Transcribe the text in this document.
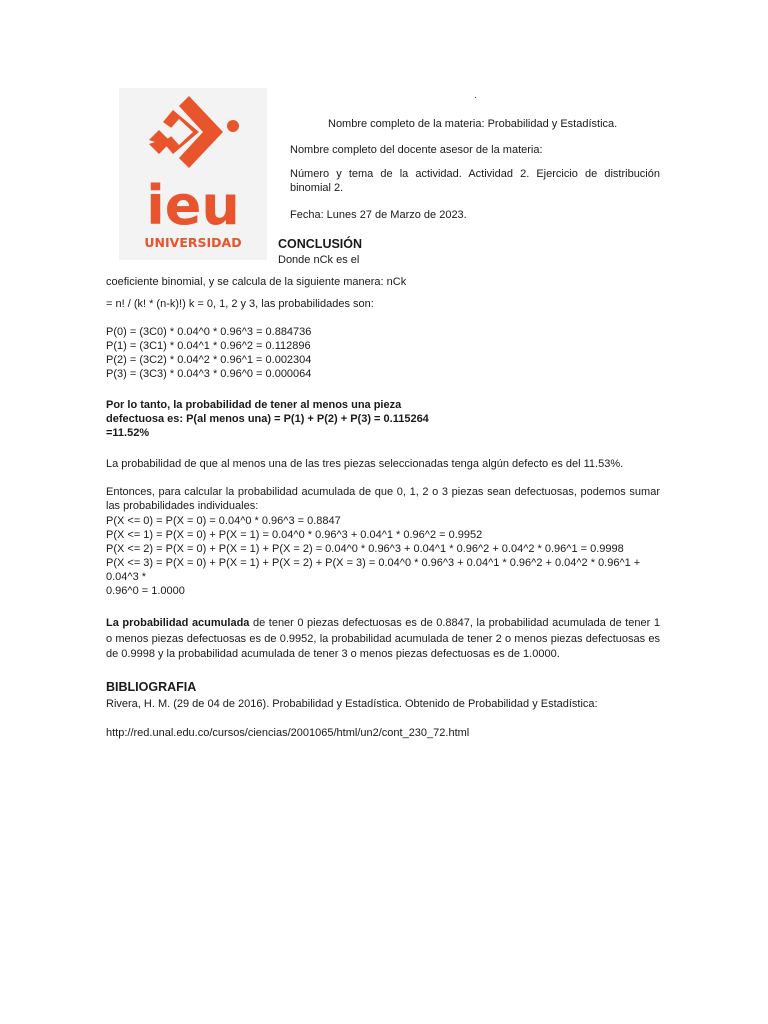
ieu
UNIVERSIDAD
·
Nombre completo de la materia: Probabilidad y Estadística.
Nombre completo del docente asesor de la materia:
Número y tema de la actividad. Actividad 2. Ejercicio de distribución binomial 2.
Fecha: Lunes 27 de Marzo de 2023.
CONCLUSIÓN
Donde nCk es el
coeficiente binomial, y se calcula de la siguiente manera: nCk
= n! / (k! * (n-k)!) k = 0, 1, 2 y 3, las probabilidades son:
P(0) = (3C0) * 0.04^0 * 0.96^3 = 0.884736
P(1) = (3C1) * 0.04^1 * 0.96^2 = 0.112896
P(2) = (3C2) * 0.04^2 * 0.96^1 = 0.002304
P(3) = (3C3) * 0.04^3 * 0.96^0 = 0.000064
Por lo tanto, la probabilidad de tener al menos una pieza
defectuosa es: P(al menos una) = P(1) + P(2) + P(3) = 0.115264
=11.52%
La probabilidad de que al menos una de las tres piezas seleccionadas tenga algún defecto es del 11.53%.
Entonces, para calcular la probabilidad acumulada de que 0, 1, 2 o 3 piezas sean defectuosas, podemos sumar las probabilidades individuales:
P(X <= 0) = P(X = 0) = 0.04^0 * 0.96^3 = 0.8847
P(X <= 1) = P(X = 0) + P(X = 1) = 0.04^0 * 0.96^3 + 0.04^1 * 0.96^2 = 0.9952
P(X <= 2) = P(X = 0) + P(X = 1) + P(X = 2) = 0.04^0 * 0.96^3 + 0.04^1 * 0.96^2 + 0.04^2 * 0.96^1 = 0.9998
P(X <= 3) = P(X = 0) + P(X = 1) + P(X = 2) + P(X = 3) = 0.04^0 * 0.96^3 + 0.04^1 * 0.96^2 + 0.04^2 * 0.96^1 +
0.04^3 *
0.96^0 = 1.0000
La probabilidad acumulada de tener 0 piezas defectuosas es de 0.8847, la probabilidad acumulada de tener 1 o menos piezas defectuosas es de 0.9952, la probabilidad acumulada de tener 2 o menos piezas defectuosas es de 0.9998 y la probabilidad acumulada de tener 3 o menos piezas defectuosas es de 1.0000.
BIBLIOGRAFIA
Rivera, H. M. (29 de 04 de 2016). Probabilidad y Estadística. Obtenido de Probabilidad y Estadística:
http://red.unal.edu.co/cursos/ciencias/2001065/html/un2/cont_230_72.html
